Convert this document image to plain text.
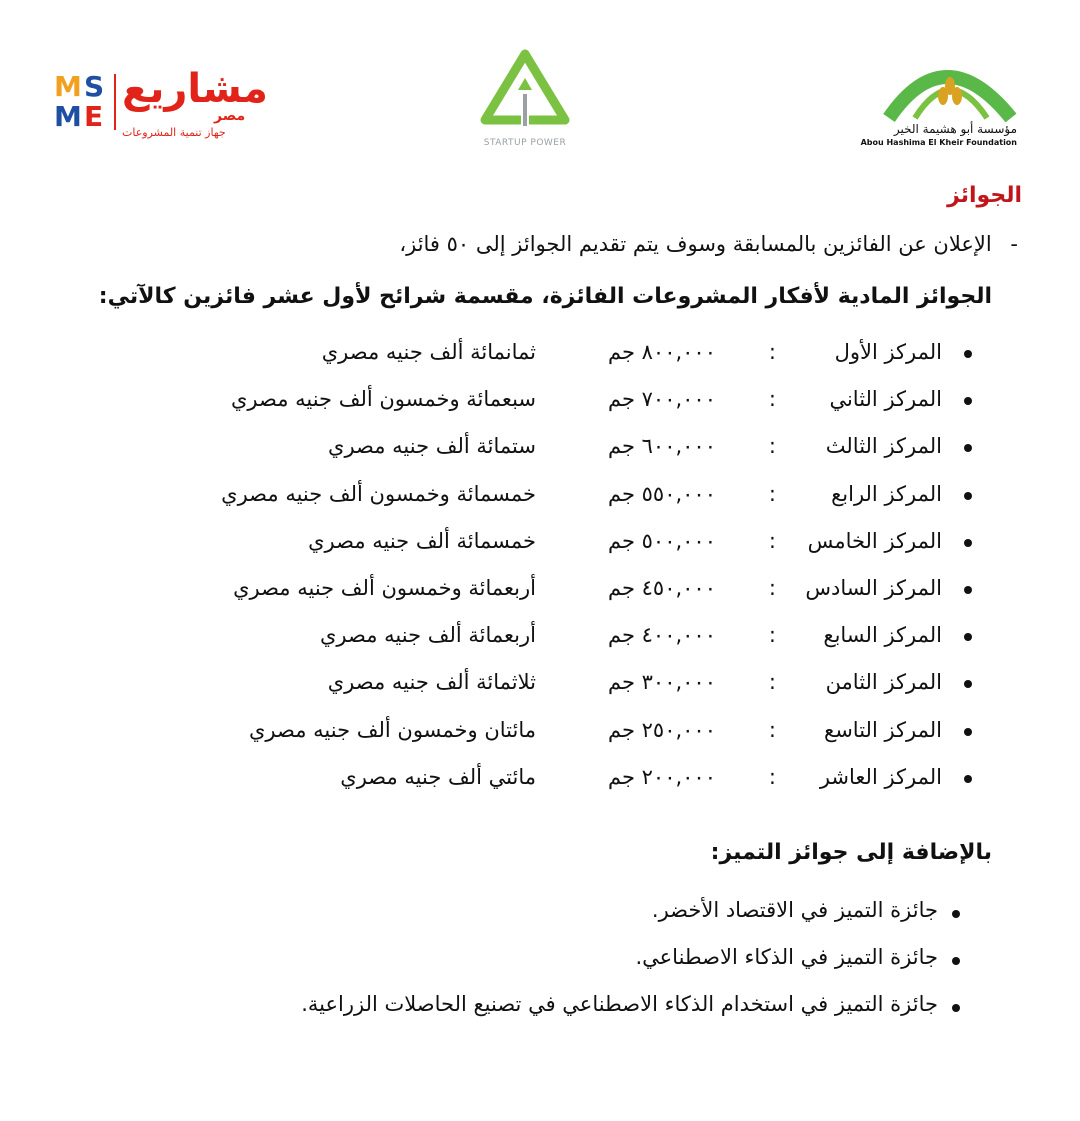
M S
M E
مشاريع
مصر
جهاز تنمية المشروعات
STARTUP POWER
مؤسسة أبو هشيمة الخير
Abou Hashima El Kheir Foundation
الجوائز
- الإعلان عن الفائزين بالمسابقة وسوف يتم تقديم الجوائز إلى ٥٠ فائز،
الجوائز المادية لأفكار المشروعات الفائزة، مقسمة شرائح لأول عشر فائزين كالآتي:
المركز الأول
:
٨٠٠,٠٠٠ جم
ثمانمائة ألف جنيه مصري
المركز الثاني
:
٧٠٠,٠٠٠ جم
سبعمائة وخمسون ألف جنيه مصري
المركز الثالث
:
٦٠٠,٠٠٠ جم
ستمائة ألف جنيه مصري
المركز الرابع
:
٥٥٠,٠٠٠ جم
خمسمائة وخمسون ألف جنيه مصري
المركز الخامس
:
٥٠٠,٠٠٠ جم
خمسمائة ألف جنيه مصري
المركز السادس
:
٤٥٠,٠٠٠ جم
أربعمائة وخمسون ألف جنيه مصري
المركز السابع
:
٤٠٠,٠٠٠ جم
أربعمائة ألف جنيه مصري
المركز الثامن
:
٣٠٠,٠٠٠ جم
ثلاثمائة ألف جنيه مصري
المركز التاسع
:
٢٥٠,٠٠٠ جم
مائتان وخمسون ألف جنيه مصري
المركز العاشر
:
٢٠٠,٠٠٠ جم
مائتي ألف جنيه مصري
بالإضافة إلى جوائز التميز:
جائزة التميز في الاقتصاد الأخضر.
جائزة التميز في الذكاء الاصطناعي.
جائزة التميز في استخدام الذكاء الاصطناعي في تصنيع الحاصلات الزراعية.
